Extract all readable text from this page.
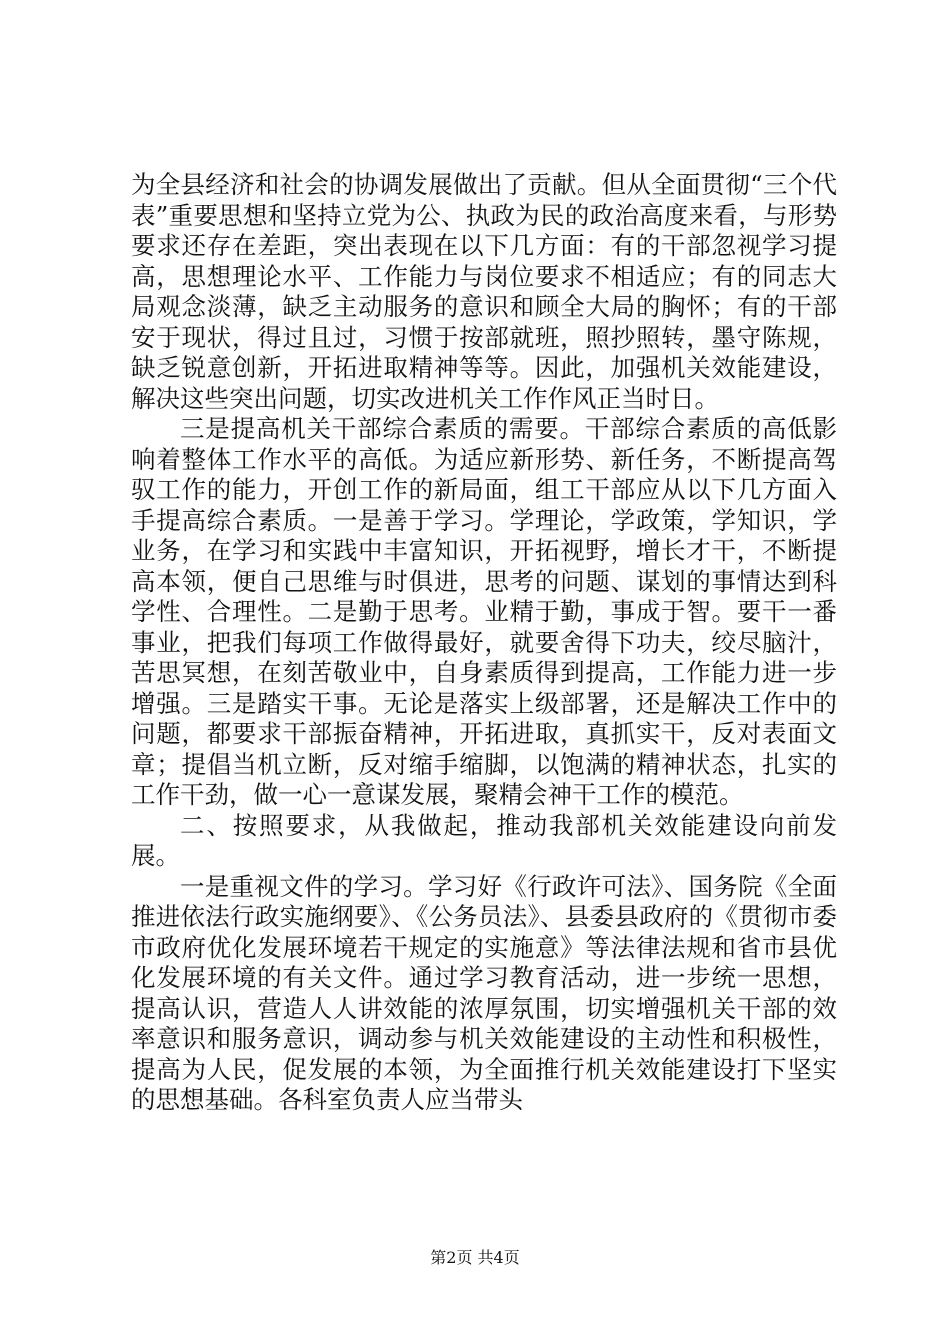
为全县经济和社会的协调发展做出了贡献。但从全面贯彻“三个代表”重要思想和坚持立党为公、执政为民的政治高度来看，与形势要求还存在差距，突出表现在以下几方面：有的干部忽视学习提高，思想理论水平、工作能力与岗位要求不相适应；有的同志大局观念淡薄，缺乏主动服务的意识和顾全大局的胸怀；有的干部安于现状，得过且过，习惯于按部就班，照抄照转，墨守陈规，缺乏锐意创新，开拓进取精神等等。因此，加强机关效能建设，解决这些突出问题，切实改进机关工作作风正当时日。

三是提高机关干部综合素质的需要。干部综合素质的高低影响着整体工作水平的高低。为适应新形势、新任务，不断提高驾驭工作的能力，开创工作的新局面，组工干部应从以下几方面入手提高综合素质。一是善于学习。学理论，学政策，学知识，学业务，在学习和实践中丰富知识，开拓视野，增长才干，不断提高本领，便自己思维与时俱进，思考的问题、谋划的事情达到科学性、合理性。二是勤于思考。业精于勤，事成于智。要干一番事业，把我们每项工作做得最好，就要舍得下功夫，绞尽脑汁，苦思冥想，在刻苦敬业中，自身素质得到提高，工作能力进一步增强。三是踏实干事。无论是落实上级部署，还是解决工作中的问题，都要求干部振奋精神，开拓进取，真抓实干，反对表面文章；提倡当机立断，反对缩手缩脚，以饱满的精神状态，扎实的工作干劲，做一心一意谋发展，聚精会神干工作的模范。

二、按照要求，从我做起，推动我部机关效能建设向前发展。

一是重视文件的学习。学习好《行政许可法》、国务院《全面推进依法行政实施纲要》、《公务员法》、县委县政府的《贯彻市委市政府优化发展环境若干规定的实施意》等法律法规和省市县优化发展环境的有关文件。通过学习教育活动，进一步统一思想，提高认识，营造人人讲效能的浓厚氛围，切实增强机关干部的效率意识和服务意识，调动参与机关效能建设的主动性和积极性，提高为人民，促发展的本领，为全面推行机关效能建设打下坚实的思想基础。各科室负责人应当带头

第2页 共4页
